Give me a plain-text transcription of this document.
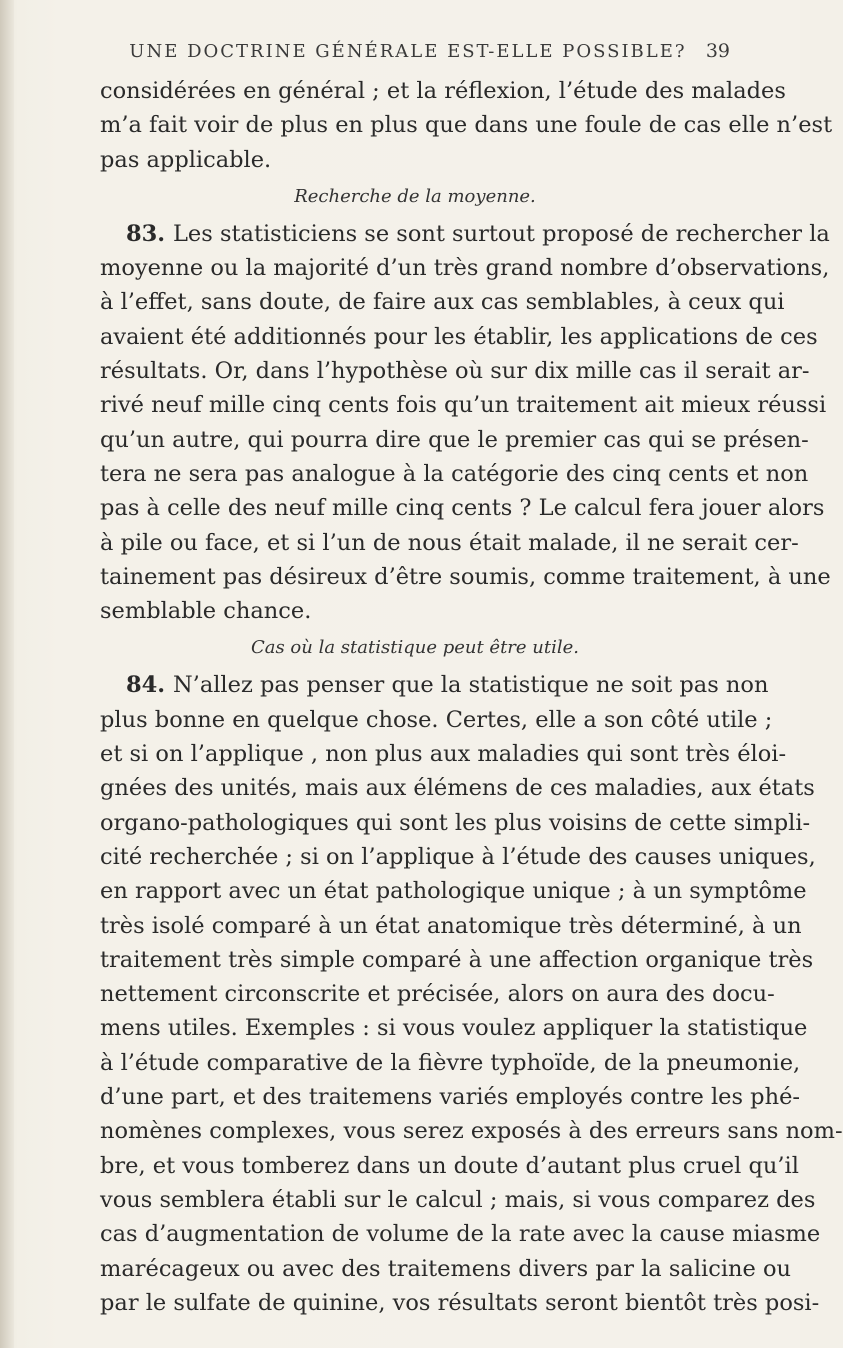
UNE DOCTRINE GÉNÉRALE EST-ELLE POSSIBLE?	39
considérées en général ; et la réflexion, l’étude des malades
m’a fait voir de plus en plus que dans une foule de cas elle n’est
pas applicable.
Recherche de la moyenne.
83. Les statisticiens se sont surtout proposé de rechercher la
moyenne ou la majorité d’un très grand nombre d’observations,
à l’effet, sans doute, de faire aux cas semblables, à ceux qui
avaient été additionnés pour les établir, les applications de ces
résultats. Or, dans l’hypothèse où sur dix mille cas il serait ar-
rivé neuf mille cinq cents fois qu’un traitement ait mieux réussi
qu’un autre, qui pourra dire que le premier cas qui se présen-
tera ne sera pas analogue à la catégorie des cinq cents et non
pas à celle des neuf mille cinq cents ? Le calcul fera jouer alors
à pile ou face, et si l’un de nous était malade, il ne serait cer-
tainement pas désireux d’être soumis, comme traitement, à une
semblable chance.
Cas où la statistique peut être utile.
84. N’allez pas penser que la statistique ne soit pas non
plus bonne en quelque chose. Certes, elle a son côté utile ;
et si on l’applique , non plus aux maladies qui sont très éloi-
gnées des unités, mais aux élémens de ces maladies, aux états
organo-pathologiques qui sont les plus voisins de cette simpli-
cité recherchée ; si on l’applique à l’étude des causes uniques,
en rapport avec un état pathologique unique ; à un symptôme
très isolé comparé à un état anatomique très déterminé, à un
traitement très simple comparé à une affection organique très
nettement circonscrite et précisée, alors on aura des docu-
mens utiles. Exemples : si vous voulez appliquer la statistique
à l’étude comparative de la fièvre typhoïde, de la pneumonie,
d’une part, et des traitemens variés employés contre les phé-
nomènes complexes, vous serez exposés à des erreurs sans nom-
bre, et vous tomberez dans un doute d’autant plus cruel qu’il
vous semblera établi sur le calcul ; mais, si vous comparez des
cas d’augmentation de volume de la rate avec la cause miasme
marécageux ou avec des traitemens divers par la salicine ou
par le sulfate de quinine, vos résultats seront bientôt très posi-
